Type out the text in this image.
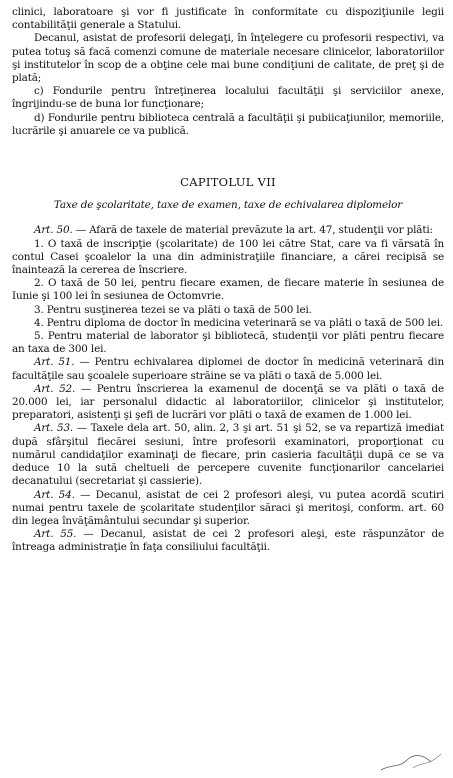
clinici, laboratoare şi vor fi justificate în conformitate cu dispoziţiunile legii contabilităţii generale a Statului.

Decanul, asistat de profesorii delegaţi, în înţelegere cu profesorii respectivi, va putea totuş să facă comenzi comune de materiale necesare clinicelor, laboratoriilor şi institutelor în scop de a obţine cele mai bune condiţiuni de calitate, de preţ şi de plată;

c) Fondurile pentru întreţinerea localului facultăţii şi serviciilor anexe, îngrijindu-se de buna lor funcţionare;

d) Fondurile pentru biblioteca centrală a facultăţii şi pubiicaţiunilor, memoriile, lucrările şi anuarele ce va publică.

CAPITOLUL VII
Taxe de şcolaritate, taxe de examen, taxe de echivalarea diplomelor

Art. 50. — Afară de taxele de material prevăzute la art. 47, studenţii vor plăti:

1. O taxă de inscripţie (şcolaritate) de 100 lei către Stat, care va fi vărsată în contul Casei şcoalelor la una din administraţiile financiare, a cărei recipisă se înaintează la cererea de înscriere.

2. O taxă de 50 lei, pentru fiecare examen, de fiecare materie în sesiunea de Iunie şi 100 lei în sesiunea de Octomvrie.

3. Pentru susţinerea tezei se va plăti o taxă de 500 lei.

4. Pentru diploma de doctor în medicina veterinară se va plăti o taxă de 500 lei.

5. Pentru material de laborator şi bibliotecă, studenţii vor plăti pentru fiecare an taxa de 300 lei.

Art. 51. — Pentru echivalarea diplomei de doctor în medicină veterinară din facultăţile sau şcoalele superioare străine se va plăti o taxă de 5.000 lei.

Art. 52. — Pentru înscrierea la examenul de docenţă se va plăti o taxă de 20.000 lei, iar personalul didactic al laboratoriilor, clinicelor şi institutelor, preparatori, asistenţi şi şefi de lucrări vor plăti o taxă de examen de 1.000 lei.

Art. 53. — Taxele dela art. 50, alin. 2, 3 şi art. 51 şi 52, se va repartiză imediat după sfârşitul fiecărei sesiuni, între profesorii examinatori, proporţionat cu numărul candidaţilor examinaţi de fiecare, prin casieria facultăţii după ce se va deduce 10 la sută cheltueli de percepere cuvenite funcţionarilor cancelariei decanatului (secretariat şi cassierie).

Art. 54. — Decanul, asistat de cei 2 profesori aleşi, vu putea acordă scutiri numai pentru taxele de şcolaritate studenţilor săraci şi meritoşi, conform. art. 60 din legea învăţământului secundar şi superior.

Art. 55. — Decanul, asistat de cei 2 profesori aleşi, este răspunzător de întreaga administraţie în faţa consiliului facultăţii.
